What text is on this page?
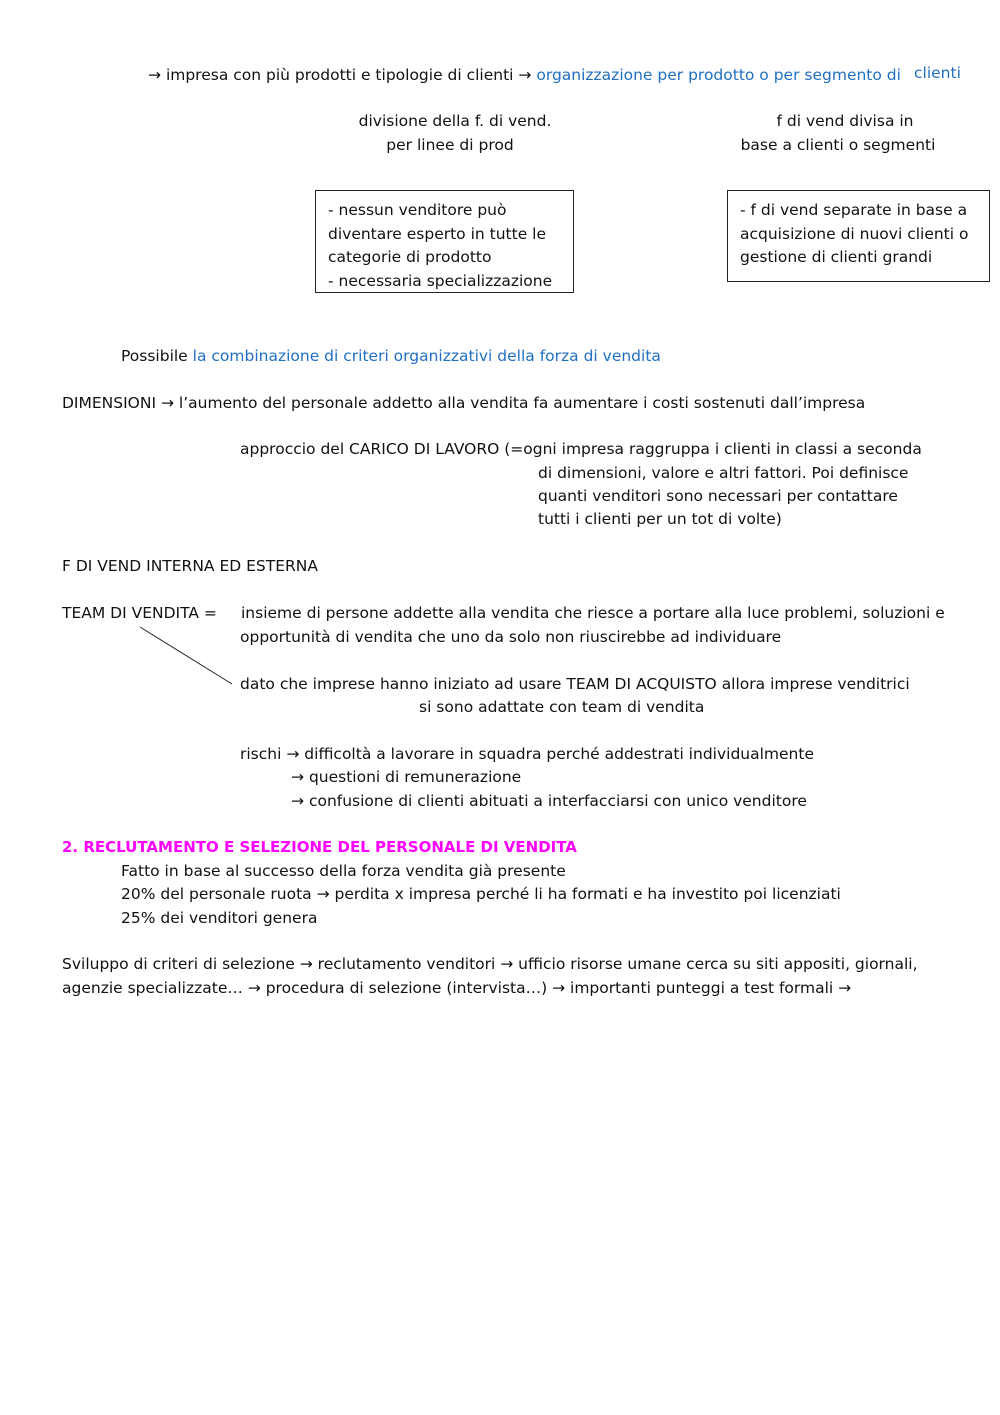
→ impresa con più prodotti e tipologie di clienti → organizzazione per prodotto o per segmento di clienti
divisione della f. di vend.
per linee di prod
f di vend divisa in
base a clienti o segmenti
- nessun venditore può
diventare esperto in tutte le
categorie di prodotto
- necessaria specializzazione
- f di vend separate in base a
acquisizione di nuovi clienti o
gestione di clienti grandi
Possibile la combinazione di criteri organizzativi della forza di vendita
DIMENSIONI → l’aumento del personale addetto alla vendita fa aumentare i costi sostenuti dall’impresa
approccio del CARICO DI LAVORO (=ogni impresa raggruppa i clienti in classi a seconda
di dimensioni, valore e altri fattori. Poi definisce
quanti venditori sono necessari per contattare
tutti i clienti per un tot di volte)
F DI VEND INTERNA ED ESTERNA
TEAM DI VENDITA = insieme di persone addette alla vendita che riesce a portare alla luce problemi, soluzioni e
opportunità di vendita che uno da solo non riuscirebbe ad individuare
dato che imprese hanno iniziato ad usare TEAM DI ACQUISTO allora imprese venditrici
si sono adattate con team di vendita
rischi → difficoltà a lavorare in squadra perché addestrati individualmente
→ questioni di remunerazione
→ confusione di clienti abituati a interfacciarsi con unico venditore
2. RECLUTAMENTO E SELEZIONE DEL PERSONALE DI VENDITA
Fatto in base al successo della forza vendita già presente
20% del personale ruota → perdita x impresa perché li ha formati e ha investito poi licenziati
25% dei venditori genera
Sviluppo di criteri di selezione → reclutamento venditori → ufficio risorse umane cerca su siti appositi, giornali,
agenzie specializzate… → procedura di selezione (intervista…) → importanti punteggi a test formali →
